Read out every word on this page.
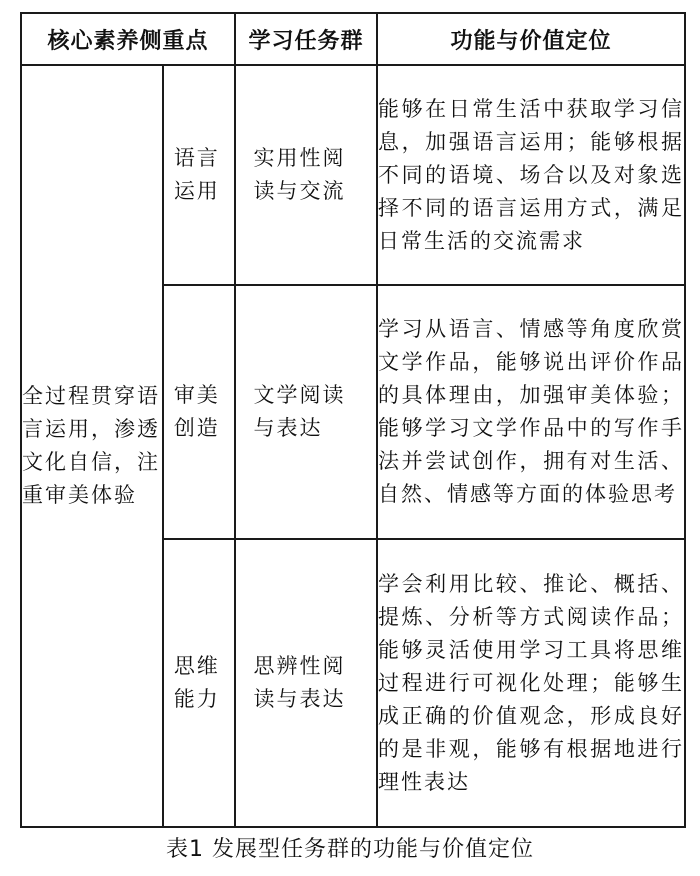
核心素养侧重点		学习任务群	功能与价值定位
全过程贯穿语言运用，渗透文化自信，注重审美体验	语言运用	实用性阅读与交流	能够在日常生活中获取学习信息，加强语言运用；能够根据不同的语境、场合以及对象选择不同的语言运用方式，满足日常生活的交流需求

	审美创造	文学阅读与表达	学习从语言、情感等角度欣赏文学作品，能够说出评价作品的具体理由，加强审美体验；能够学习文学作品中的写作手法并尝试创作，拥有对生活、自然、情感等方面的体验思考

	思维能力	思辨性阅读与表达	学会利用比较、推论、概括、提炼、分析等方式阅读作品；能够灵活使用学习工具将思维过程进行可视化处理；能够生成正确的价值观念，形成良好的是非观，能够有根据地进行理性表达
表1 发展型任务群的功能与价值定位
